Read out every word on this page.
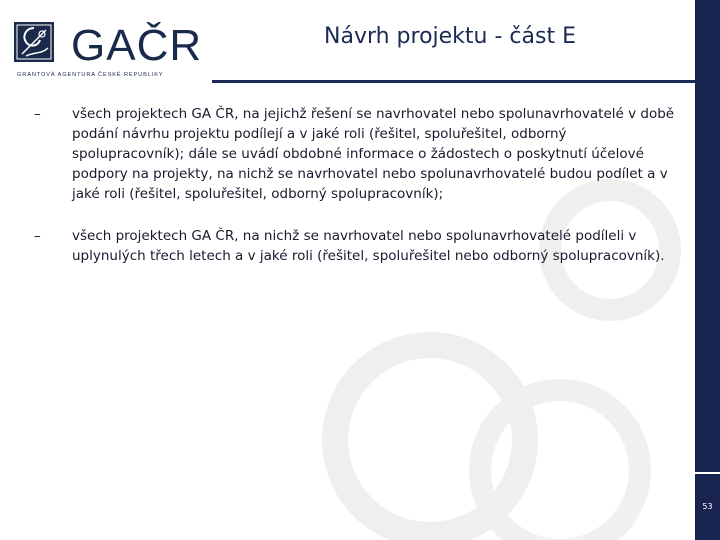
GAČR
GRANTOVÁ AGENTURA ČESKÉ REPUBLIKY
Návrh projektu - část E
53
– všech projektech GA ČR, na jejichž řešení se navrhovatel nebo spolunavrhovatelé v době podání návrhu projektu podílejí a v jaké roli (řešitel, spoluřešitel, odborný spolupracovník); dále se uvádí obdobné informace o žádostech o poskytnutí účelové podpory na projekty, na nichž se navrhovatel nebo spolunavrhovatelé budou podílet a v jaké roli (řešitel, spoluřešitel, odborný spolupracovník);
– všech projektech GA ČR, na nichž se navrhovatel nebo spolunavrhovatelé podíleli v uplynulých třech letech a v jaké roli (řešitel, spoluřešitel nebo odborný spolupracovník).
